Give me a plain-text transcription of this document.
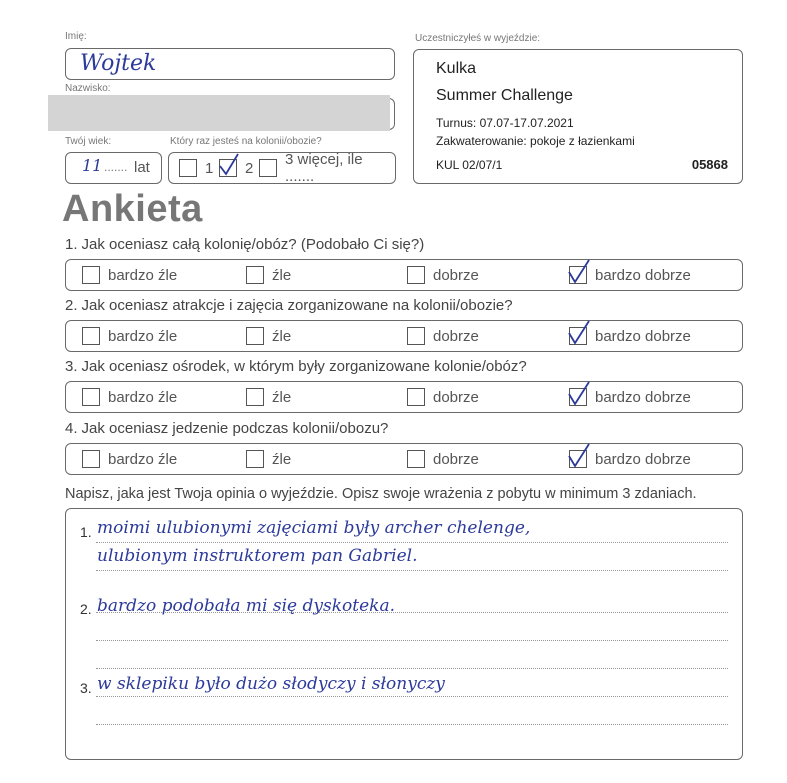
Imię:
Wojtek
Nazwisko:
Twój wiek:
11 ....... lat
Który raz jesteś na kolonii/obozie?
1 2 3 więcej, ile .......
Uczestniczyłeś w wyjeździe:
Kulka
Summer Challenge
Turnus: 07.07-17.07.2021
Zakwaterowanie: pokoje z łazienkami
KUL 02/07/1	05868
Ankieta
1. Jak oceniasz całą kolonię/obóz? (Podobało Ci się?)
bardzo źle	źle	dobrze	bardzo dobrze
2. Jak oceniasz atrakcje i zajęcia zorganizowane na kolonii/obozie?
bardzo źle	źle	dobrze	bardzo dobrze
3. Jak oceniasz ośrodek, w którym były zorganizowane kolonie/obóz?
bardzo źle	źle	dobrze	bardzo dobrze
4. Jak oceniasz jedzenie podczas kolonii/obozu?
bardzo źle	źle	dobrze	bardzo dobrze
Napisz, jaka jest Twoja opinia o wyjeździe. Opisz swoje wrażenia z pobytu w minimum 3 zdaniach.
1. moimi ulubionymi zajęciami były archer chelenge,
ulubionym instruktorem pan Gabriel.
2. bardzo podobała mi się dyskoteka.
3. w sklepiku było dużo słodyczy i słonyczy
